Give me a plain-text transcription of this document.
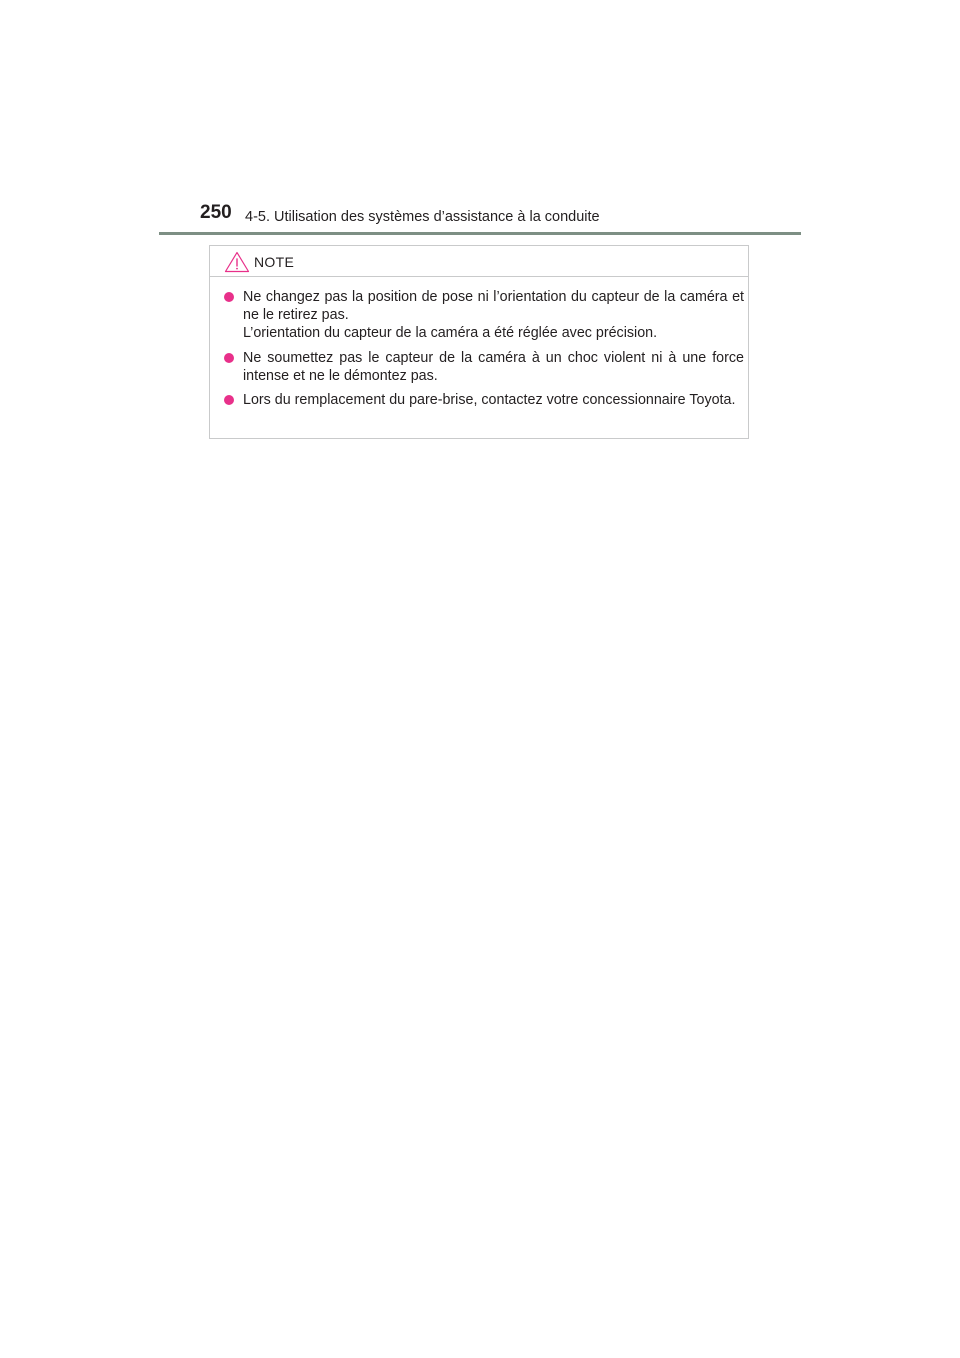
250 4-5. Utilisation des systèmes d’assistance à la conduite
NOTE
Ne changez pas la position de pose ni l’orientation du capteur de la caméra et ne le retirez pas.
L’orientation du capteur de la caméra a été réglée avec précision.
Ne soumettez pas le capteur de la caméra à un choc violent ni à une force intense et ne le démontez pas.
Lors du remplacement du pare-brise, contactez votre concessionnaire Toyota.
